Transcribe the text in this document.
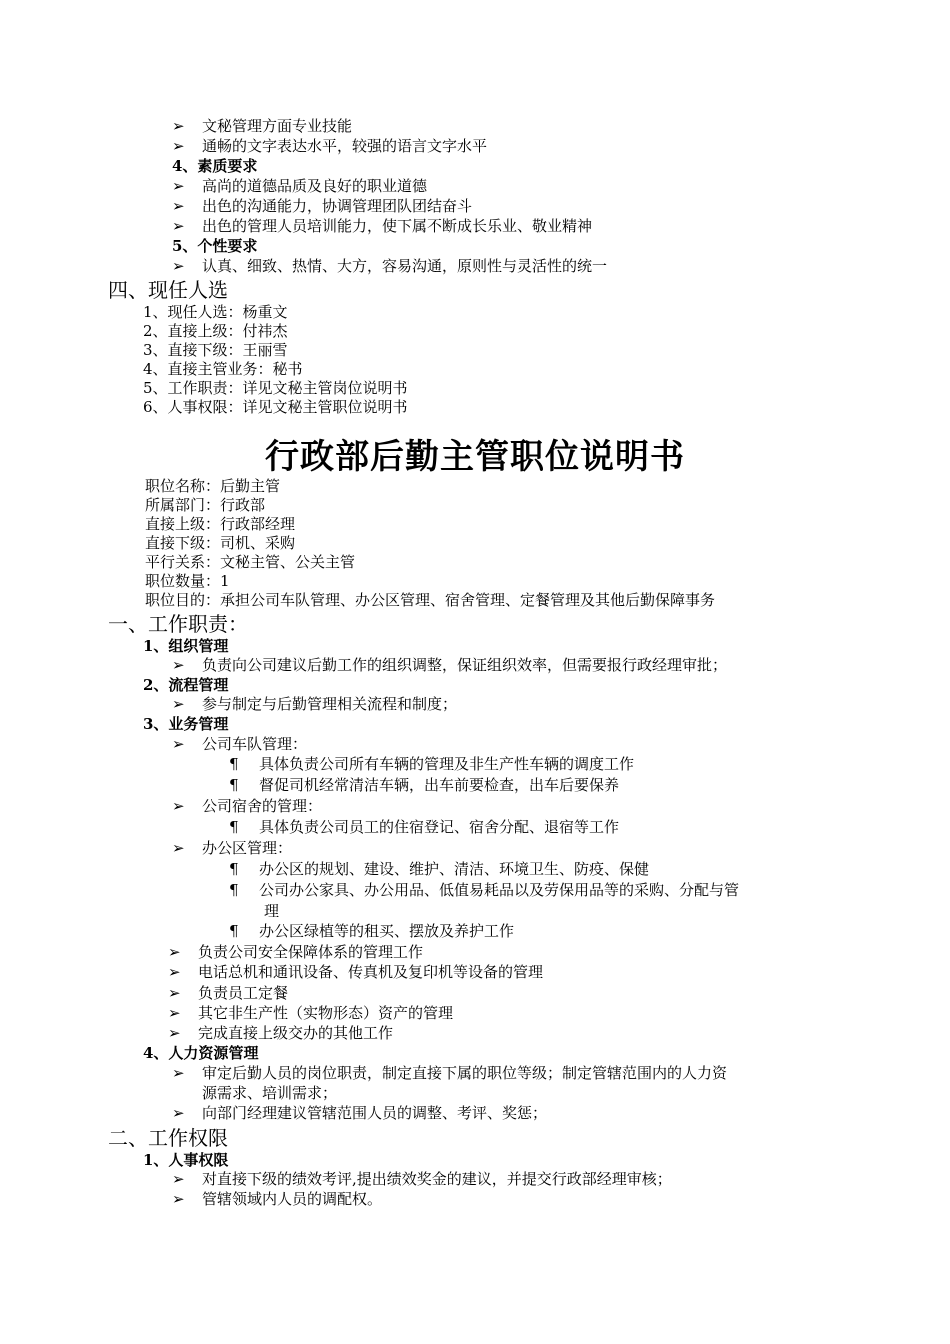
➢ 文秘管理方面专业技能
➢ 通畅的文字表达水平，较强的语言文字水平
4、素质要求
➢ 高尚的道德品质及良好的职业道德
➢ 出色的沟通能力，协调管理团队团结奋斗
➢ 出色的管理人员培训能力，使下属不断成长乐业、敬业精神
5、个性要求
➢ 认真、细致、热情、大方，容易沟通，原则性与灵活性的统一
四、现任人选
1、现任人选：杨重文
2、直接上级：付祎杰
3、直接下级：王丽雪
4、直接主管业务：秘书
5、工作职责：详见文秘主管岗位说明书
6、人事权限：详见文秘主管职位说明书
行政部后勤主管职位说明书
职位名称：后勤主管
所属部门：行政部
直接上级：行政部经理
直接下级：司机、采购
平行关系：文秘主管、公关主管
职位数量：1
职位目的：承担公司车队管理、办公区管理、宿舍管理、定餐管理及其他后勤保障事务
一、工作职责：
1、组织管理
➢ 负责向公司建议后勤工作的组织调整，保证组织效率，但需要报行政经理审批；
2、流程管理
➢ 参与制定与后勤管理相关流程和制度；
3、业务管理
➢ 公司车队管理：
¶ 具体负责公司所有车辆的管理及非生产性车辆的调度工作
¶ 督促司机经常清洁车辆，出车前要检查，出车后要保养
➢ 公司宿舍的管理：
¶ 具体负责公司员工的住宿登记、宿舍分配、退宿等工作
➢ 办公区管理：
¶ 办公区的规划、建设、维护、清洁、环境卫生、防疫、保健
¶ 公司办公家具、办公用品、低值易耗品以及劳保用品等的采购、分配与管
理
¶ 办公区绿植等的租买、摆放及养护工作
➢ 负责公司安全保障体系的管理工作
➢ 电话总机和通讯设备、传真机及复印机等设备的管理
➢ 负责员工定餐
➢ 其它非生产性（实物形态）资产的管理
➢ 完成直接上级交办的其他工作
4、人力资源管理
➢ 审定后勤人员的岗位职责，制定直接下属的职位等级；制定管辖范围内的人力资
源需求、培训需求；
➢ 向部门经理建议管辖范围人员的调整、考评、奖惩；
二、工作权限
1、人事权限
➢ 对直接下级的绩效考评,提出绩效奖金的建议，并提交行政部经理审核；
➢ 管辖领域内人员的调配权。
